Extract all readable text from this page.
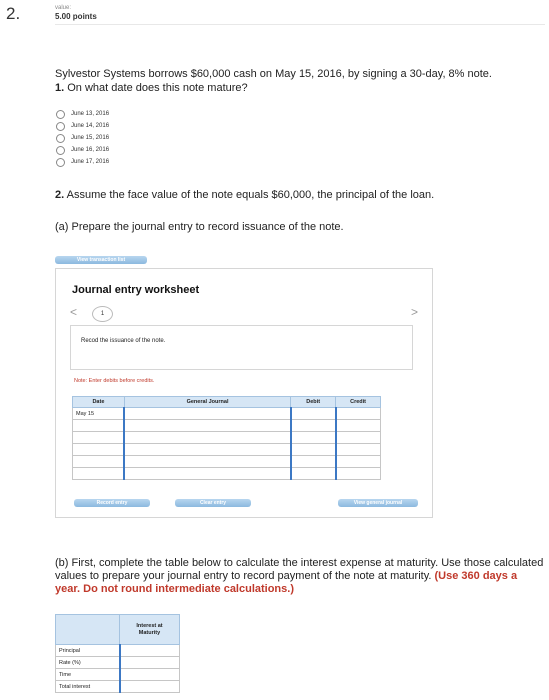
2.	value:
5.00 points
Sylvestor Systems borrows $60,000 cash on May 15, 2016, by signing a 30-day, 8% note.
1. On what date does this note mature?
June 13, 2016
June 14, 2016
June 15, 2016
June 16, 2016
June 17, 2016
2. Assume the face value of the note equals $60,000, the principal of the loan.
(a) Prepare the journal entry to record issuance of the note.
View transaction list
Journal entry worksheet
<	1	>
Recod the issuance of the note.
Note: Enter debits before credits.
Date	General Journal	Debit	Credit
May 15			

Record entry	Clear entry	View general journal
(b) First, complete the table below to calculate the interest expense at maturity. Use those calculated values to prepare your journal entry to record payment of the note at maturity. (Use 360 days a year. Do not round intermediate calculations.)

	Interest at
Maturity

Principal	
Rate (%)	
Time	
Total interest	
